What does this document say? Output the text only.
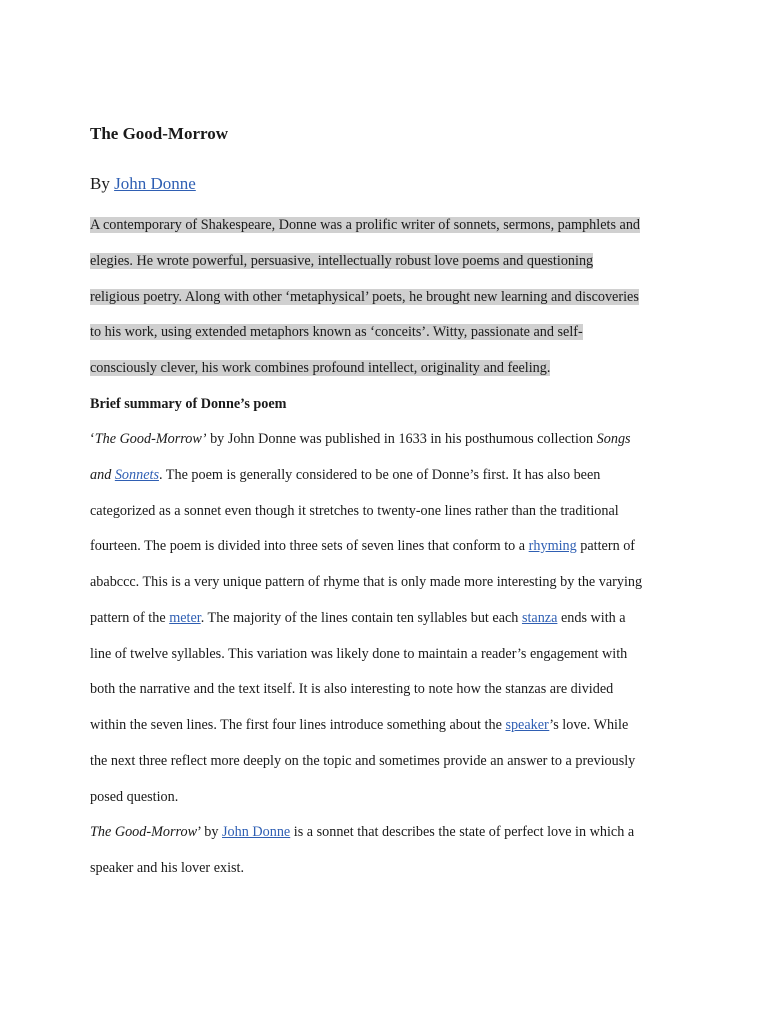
The Good-Morrow
By John Donne
A contemporary of Shakespeare, Donne was a prolific writer of sonnets, sermons, pamphlets and
elegies. He wrote powerful, persuasive, intellectually robust love poems and questioning
religious poetry. Along with other ‘metaphysical’ poets, he brought new learning and discoveries
to his work, using extended metaphors known as ‘conceits’. Witty, passionate and self-
consciously clever, his work combines profound intellect, originality and feeling.
Brief summary of Donne’s poem
‘The Good-Morrow’ by John Donne was published in 1633 in his posthumous collection Songs
and Sonnets. The poem is generally considered to be one of Donne’s first. It has also been
categorized as a sonnet even though it stretches to twenty-one lines rather than the traditional
fourteen. The poem is divided into three sets of seven lines that conform to a rhyming pattern of
ababccc. This is a very unique pattern of rhyme that is only made more interesting by the varying
pattern of the meter. The majority of the lines contain ten syllables but each stanza ends with a
line of twelve syllables. This variation was likely done to maintain a reader’s engagement with
both the narrative and the text itself. It is also interesting to note how the stanzas are divided
within the seven lines. The first four lines introduce something about the speaker’s love. While
the next three reflect more deeply on the topic and sometimes provide an answer to a previously
posed question.
The Good-Morrow’ by John Donne is a sonnet that describes the state of perfect love in which a
speaker and his lover exist.
